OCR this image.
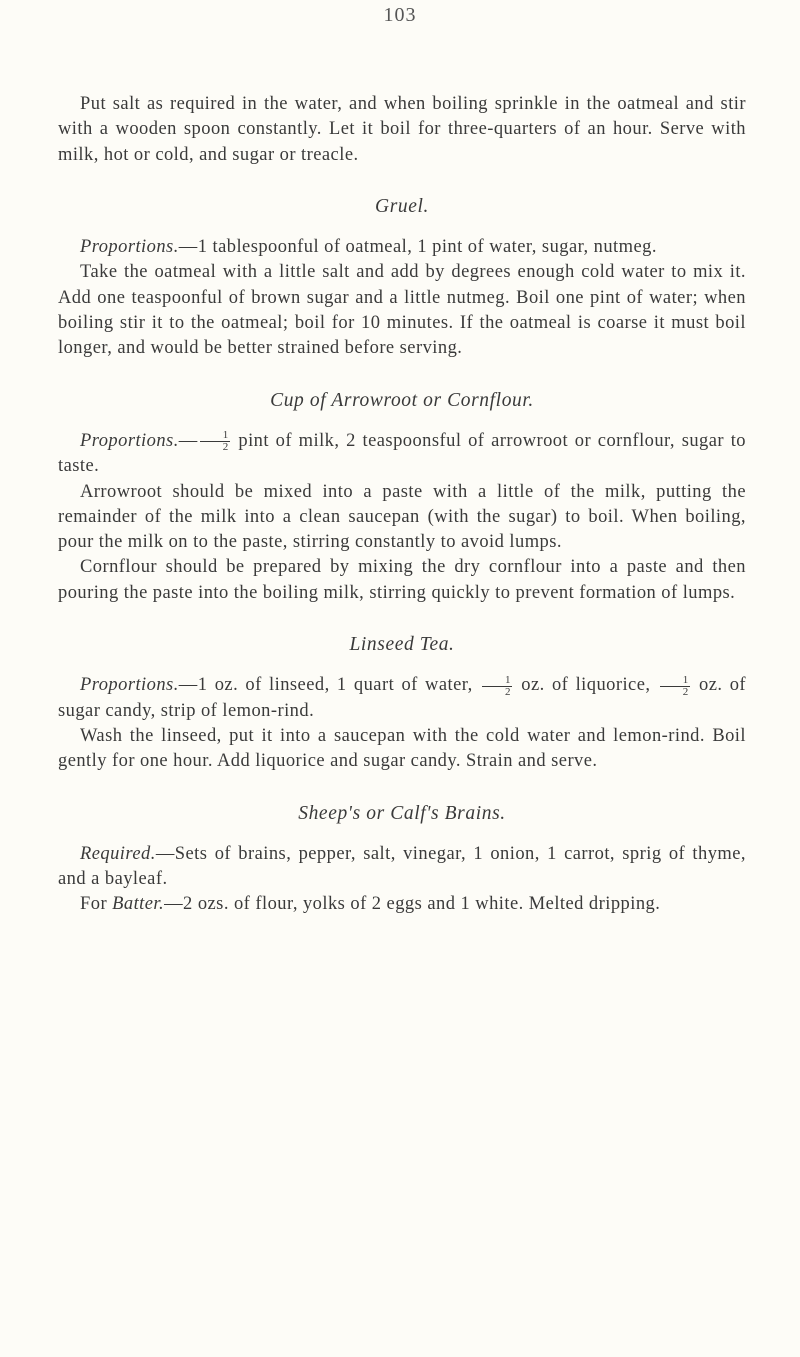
103

Put salt as required in the water, and when boiling sprinkle in the oatmeal and stir with a wooden spoon constantly. Let it boil for three-quarters of an hour. Serve with milk, hot or cold, and sugar or treacle.

Gruel.

Proportions.—1 tablespoonful of oatmeal, 1 pint of water, sugar, nutmeg.

Take the oatmeal with a little salt and add by degrees enough cold water to mix it. Add one teaspoonful of brown sugar and a little nutmeg. Boil one pint of water; when boiling stir it to the oatmeal; boil for 10 minutes. If the oatmeal is coarse it must boil longer, and would be better strained before serving.

Cup of Arrowroot or Cornflour.

Proportions.— $\frac{1}{2}$ pint of milk, 2 teaspoonsful of arrowroot or cornflour, sugar to taste.

Arrowroot should be mixed into a paste with a little of the milk, putting the remainder of the milk into a clean saucepan (with the sugar) to boil. When boiling, pour the milk on to the paste, stirring constantly to avoid lumps.

Cornflour should be prepared by mixing the dry cornflour into a paste and then pouring the paste into the boiling milk, stirring quickly to prevent formation of lumps.

Linseed Tea.

Proportions.—1 oz. of linseed, 1 quart of water, $\frac{1}{2}$ oz. of liquorice, $\frac{1}{2}$ oz. of sugar candy, strip of lemon-rind.

Wash the linseed, put it into a saucepan with the cold water and lemon-rind. Boil gently for one hour. Add liquorice and sugar candy. Strain and serve.

Sheep's or Calf's Brains.

Required.—Sets of brains, pepper, salt, vinegar, 1 onion, 1 carrot, sprig of thyme, and a bayleaf.

For Batter.—2 ozs. of flour, yolks of 2 eggs and 1 white. Melted dripping.
